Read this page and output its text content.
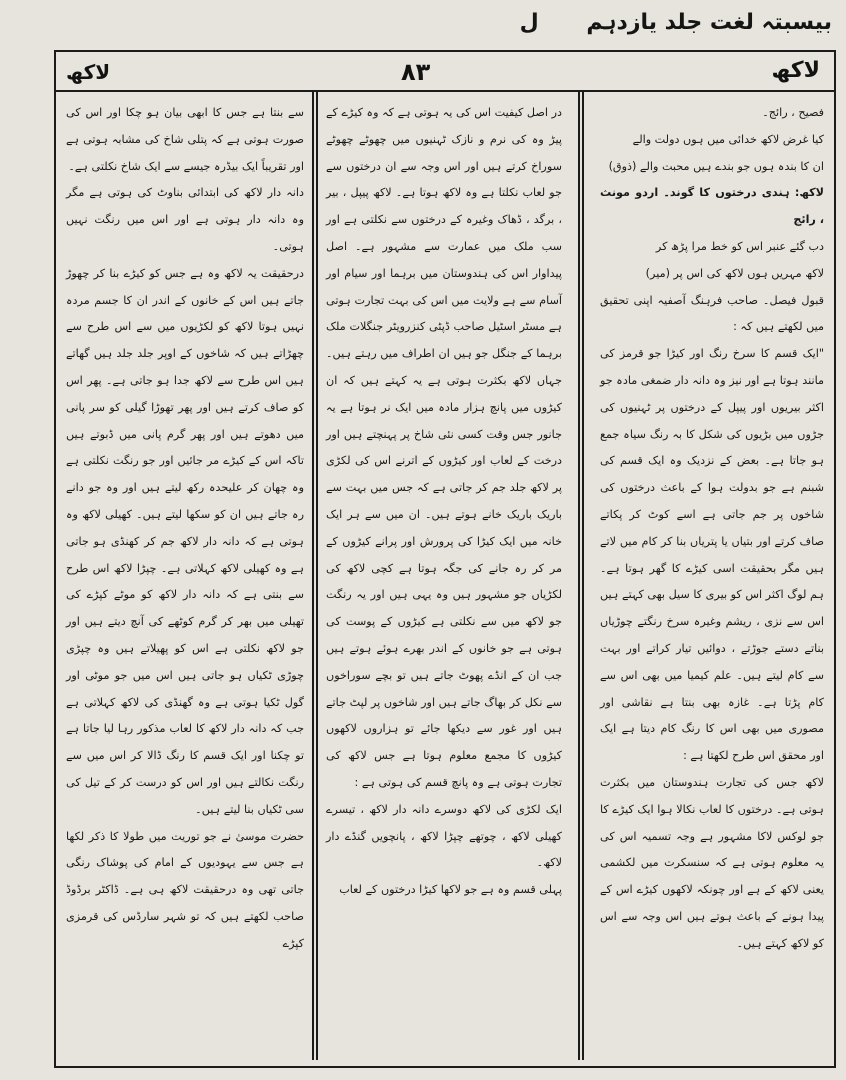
بیسبتہ لغت جلد یازدہم ل
لاکھ
۸۳
لاکھ

فصیح ، رائج۔

کیا غرض لاکھ خدائی میں ہوں دولت والے

ان کا بندہ ہوں جو بندے ہیں محبت والے (ذوق)

لاکھ: ہندی درختوں کا گوند۔ اردو مونث ، رائج

دب گئے عنبر اس کو خط مرا پڑھ کر

لاکھ مہریں ہوں لاکھ کی اس پر (میر)

قبول فیصل۔ صاحب فرہنگ آصفیہ اپنی تحقیق میں لکھتے ہیں کہ :

"ایک قسم کا سرخ رنگ اور کیڑا جو قرمز کی مانند ہوتا ہے اور نیز وہ دانہ دار ضمغی مادہ جو اکثر بیریوں اور پیپل کے درختوں پر ٹہنیوں کی جڑوں میں بڑیوں کی شکل کا بہ رنگ سیاہ جمع ہو جاتا ہے۔ بعض کے نزدیک وہ ایک قسم کی شبنم ہے جو بدولت ہوا کے باعث درختوں کی شاخوں پر جم جاتی ہے اسے کوٹ کر پکاتے صاف کرتے اور بتیاں یا پتریاں بنا کر کام میں لاتے ہیں مگر بحقیقت اسی کیڑے کا گھر ہوتا ہے۔ ہم لوگ اکثر اس کو بیری کا سیل بھی کہتے ہیں اس سے نزی ، ریشم وغیرہ سرخ رنگتے چوڑیاں بناتے دستے جوڑتے ، دوائیں تیار کراتے اور بہت سے کام لیتے ہیں۔ علم کیمیا میں بھی اس سے کام پڑتا ہے۔ غازہ بھی بنتا ہے نقاشی اور مصوری میں بھی اس کا رنگ کام دیتا ہے ایک اور محقق اس طرح لکھتا ہے :

لاکھ جس کی تجارت ہندوستان میں بکثرت ہوتی ہے۔ درختوں کا لعاب نکالا ہوا ایک کیڑے کا جو لوکس لاکا مشہور ہے وجہ تسمیہ اس کی یہ معلوم ہوتی ہے کہ سنسکرت میں لکشمی یعنی لاکھ کے ہے اور چونکہ لاکھوں کیڑے اس کے پیدا ہونے کے باعث ہوتے ہیں اس وجہ سے اس کو لاکھ کہتے ہیں۔

در اصل کیفیت اس کی یہ ہوتی ہے کہ وہ کیڑے کے پیڑ وہ کی نرم و نازک ٹہنیوں میں چھوٹے چھوٹے سوراخ کرتے ہیں اور اس وجہ سے ان درختوں سے جو لعاب نکلتا ہے وہ لاکھ ہوتا ہے۔ لاکھ پیپل ، بیر ، برگد ، ڈھاک وغیرہ کے درختوں سے نکلتی ہے اور سب ملک میں عمارت سے مشہور ہے۔ اصل پیداوار اس کی ہندوستان میں برہما اور سیام اور آسام سے ہے ولایت میں اس کی بہت تجارت ہوتی ہے مسٹر اسٹیل صاحب ڈپٹی کنزرویٹر جنگلات ملک برہما کے جنگل جو ہیں ان اطراف میں رہتے ہیں۔ جہاں لاکھ بکثرت ہوتی ہے یہ کہتے ہیں کہ ان کیڑوں میں پانچ ہزار مادہ میں ایک نر ہوتا ہے یہ جانور جس وقت کسی نئی شاخ پر پہنچتے ہیں اور درخت کے لعاب اور کیڑوں کے اترنے اس کی لکڑی پر لاکھ جلد جم کر جاتی ہے کہ جس میں بہت سے باریک باریک خانے ہوتے ہیں۔ ان میں سے ہر ایک خانہ میں ایک کیڑا کی پرورش اور پرانے کیڑوں کے مر کر رہ جانے کی جگہ ہوتا ہے کچی لاکھ کی لکڑیاں جو مشہور ہیں وہ یہی ہیں اور یہ رنگت جو لاکھ میں سے نکلتی ہے کیڑوں کے پوست کی ہوتی ہے جو خانوں کے اندر بھرے ہوئے ہوتے ہیں جب ان کے انڈے پھوٹ جاتے ہیں تو بچے سوراخوں سے نکل کر بھاگ جاتے ہیں اور شاخوں پر لپٹ جاتے ہیں اور غور سے دیکھا جائے تو ہزاروں لاکھوں کیڑوں کا مجمع معلوم ہوتا ہے جس لاکھ کی تجارت ہوتی ہے وہ پانچ قسم کی ہوتی ہے :

ایک لکڑی کی لاکھ دوسرے دانہ دار لاکھ ، تیسرے کھیلی لاکھ ، چوتھے چپڑا لاکھ ، پانچویں گنڈے دار لاکھ۔

پہلی قسم وہ ہے جو لاکھا کیڑا درختوں کے لعاب

سے بنتا ہے جس کا ابھی بیان ہو چکا اور اس کی صورت ہوتی ہے کہ پتلی شاخ کی مشابہ ہوتی ہے اور تقریباً ایک بیڈرہ جیسے سے ایک شاخ نکلتی ہے۔

دانہ دار لاکھ کی ابتدائی بناوٹ کی ہوتی ہے مگر وہ دانہ دار ہوتی ہے اور اس میں رنگت نہیں ہوتی۔

درحقیقت یہ لاکھ وہ ہے جس کو کیڑے بنا کر چھوڑ جاتے ہیں اس کے خانوں کے اندر ان کا جسم مردہ نہیں ہوتا لاکھ کو لکڑیوں میں سے اس طرح سے چھڑاتے ہیں کہ شاخوں کے اوپر جلد جلد ہیں گھاتے ہیں اس طرح سے لاکھ جدا ہو جاتی ہے۔ پھر اس کو صاف کرتے ہیں اور پھر تھوڑا گیلی کو سر پانی میں دھوتے ہیں اور پھر گرم پانی میں ڈبوتے ہیں تاکہ اس کے کیڑے مر جائیں اور جو رنگت نکلتی ہے وہ چھان کر علیحدہ رکھ لیتے ہیں اور وہ جو دانے رہ جاتے ہیں ان کو سکھا لیتے ہیں۔ کھیلی لاکھ وہ ہوتی ہے کہ دانہ دار لاکھ جم کر کھنڈی ہو جاتی ہے وہ کھیلی لاکھ کہلاتی ہے۔ چپڑا لاکھ اس طرح سے بنتی ہے کہ دانہ دار لاکھ کو موٹے کپڑے کی تھیلی میں بھر کر گرم کوٹھے کی آنچ دیتے ہیں اور جو لاکھ نکلتی ہے اس کو پھیلاتے ہیں وہ چپڑی چوڑی ٹکیاں ہو جاتی ہیں اس میں جو موٹی اور گول ٹکیا ہوتی ہے وہ گھنڈی کی لاکھ کہلاتی ہے جب کہ دانہ دار لاکھ کا لعاب مذکور رہا لیا جاتا ہے تو چکنا اور ایک قسم کا رنگ ڈالا کر اس میں سے رنگت نکالتے ہیں اور اس کو درست کر کے تیل کی سی ٹکیاں بنا لیتے ہیں۔

حضرت موسیٰ نے جو توریت میں طولا کا ذکر لکھا ہے جس سے یہودیوں کے امام کی پوشاک رنگی جاتی تھی وہ درحقیقت لاکھ ہی ہے۔ ڈاکٹر برڈوڈ صاحب لکھتے ہیں کہ تو شہر سارڈس کی قرمزی کپڑے
